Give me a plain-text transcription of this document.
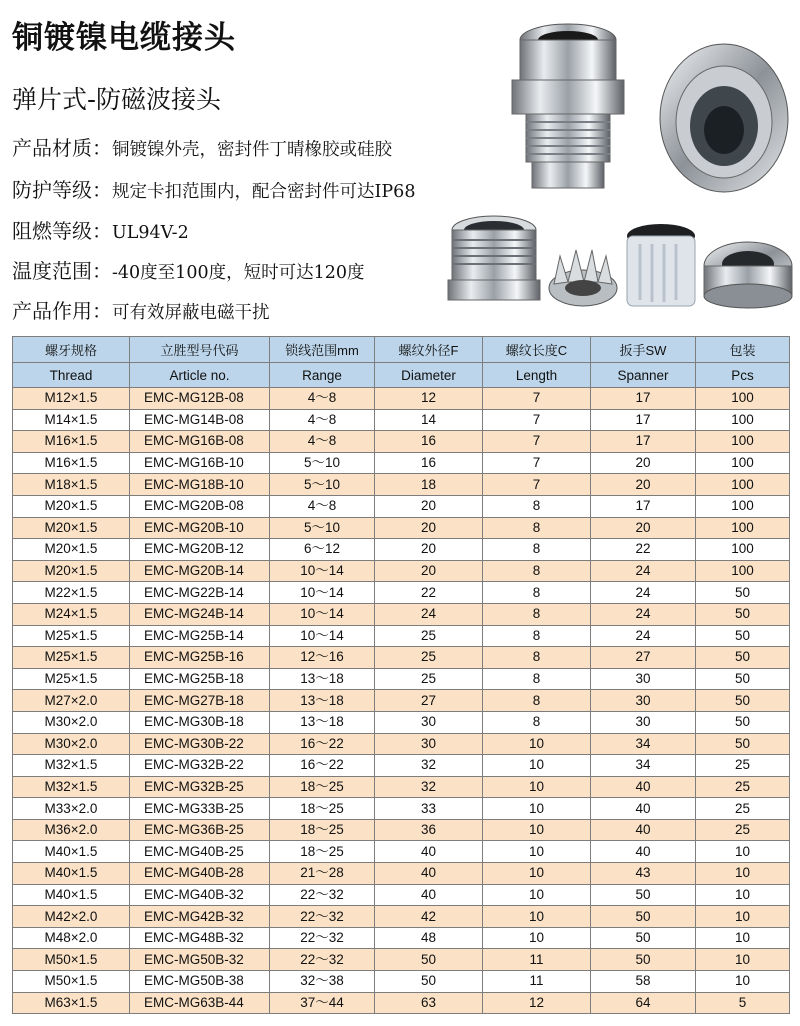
铜镀镍电缆接头
弹片式-防磁波接头
产品材质：铜镀镍外壳，密封件丁晴橡胶或硅胶
防护等级：规定卡扣范围内，配合密封件可达IP68
阻燃等级：UL94V-2
温度范围：-40度至100度，短时可达120度
产品作用：可有效屏蔽电磁干扰
螺牙规格	立胜型号代码	锁线范围mm	螺纹外径F	螺纹长度C	扳手SW	包装
Thread	Article no.	Range	Diameter	Length	Spanner	Pcs
M12×1.5	EMC-MG12B-08	4～8	12	7	17	100
M14×1.5	EMC-MG14B-08	4～8	14	7	17	100
M16×1.5	EMC-MG16B-08	4～8	16	7	17	100
M16×1.5	EMC-MG16B-10	5～10	16	7	20	100
M18×1.5	EMC-MG18B-10	5～10	18	7	20	100
M20×1.5	EMC-MG20B-08	4～8	20	8	17	100
M20×1.5	EMC-MG20B-10	5～10	20	8	20	100
M20×1.5	EMC-MG20B-12	6～12	20	8	22	100
M20×1.5	EMC-MG20B-14	10～14	20	8	24	100
M22×1.5	EMC-MG22B-14	10～14	22	8	24	50
M24×1.5	EMC-MG24B-14	10～14	24	8	24	50
M25×1.5	EMC-MG25B-14	10～14	25	8	24	50
M25×1.5	EMC-MG25B-16	12～16	25	8	27	50
M25×1.5	EMC-MG25B-18	13～18	25	8	30	50
M27×2.0	EMC-MG27B-18	13～18	27	8	30	50
M30×2.0	EMC-MG30B-18	13～18	30	8	30	50
M30×2.0	EMC-MG30B-22	16～22	30	10	34	50
M32×1.5	EMC-MG32B-22	16～22	32	10	34	25
M32×1.5	EMC-MG32B-25	18～25	32	10	40	25
M33×2.0	EMC-MG33B-25	18～25	33	10	40	25
M36×2.0	EMC-MG36B-25	18～25	36	10	40	25
M40×1.5	EMC-MG40B-25	18～25	40	10	40	10
M40×1.5	EMC-MG40B-28	21～28	40	10	43	10
M40×1.5	EMC-MG40B-32	22～32	40	10	50	10
M42×2.0	EMC-MG42B-32	22～32	42	10	50	10
M48×2.0	EMC-MG48B-32	22～32	48	10	50	10
M50×1.5	EMC-MG50B-32	22～32	50	11	50	10
M50×1.5	EMC-MG50B-38	32～38	50	11	58	10
M63×1.5	EMC-MG63B-44	37～44	63	12	64	5
